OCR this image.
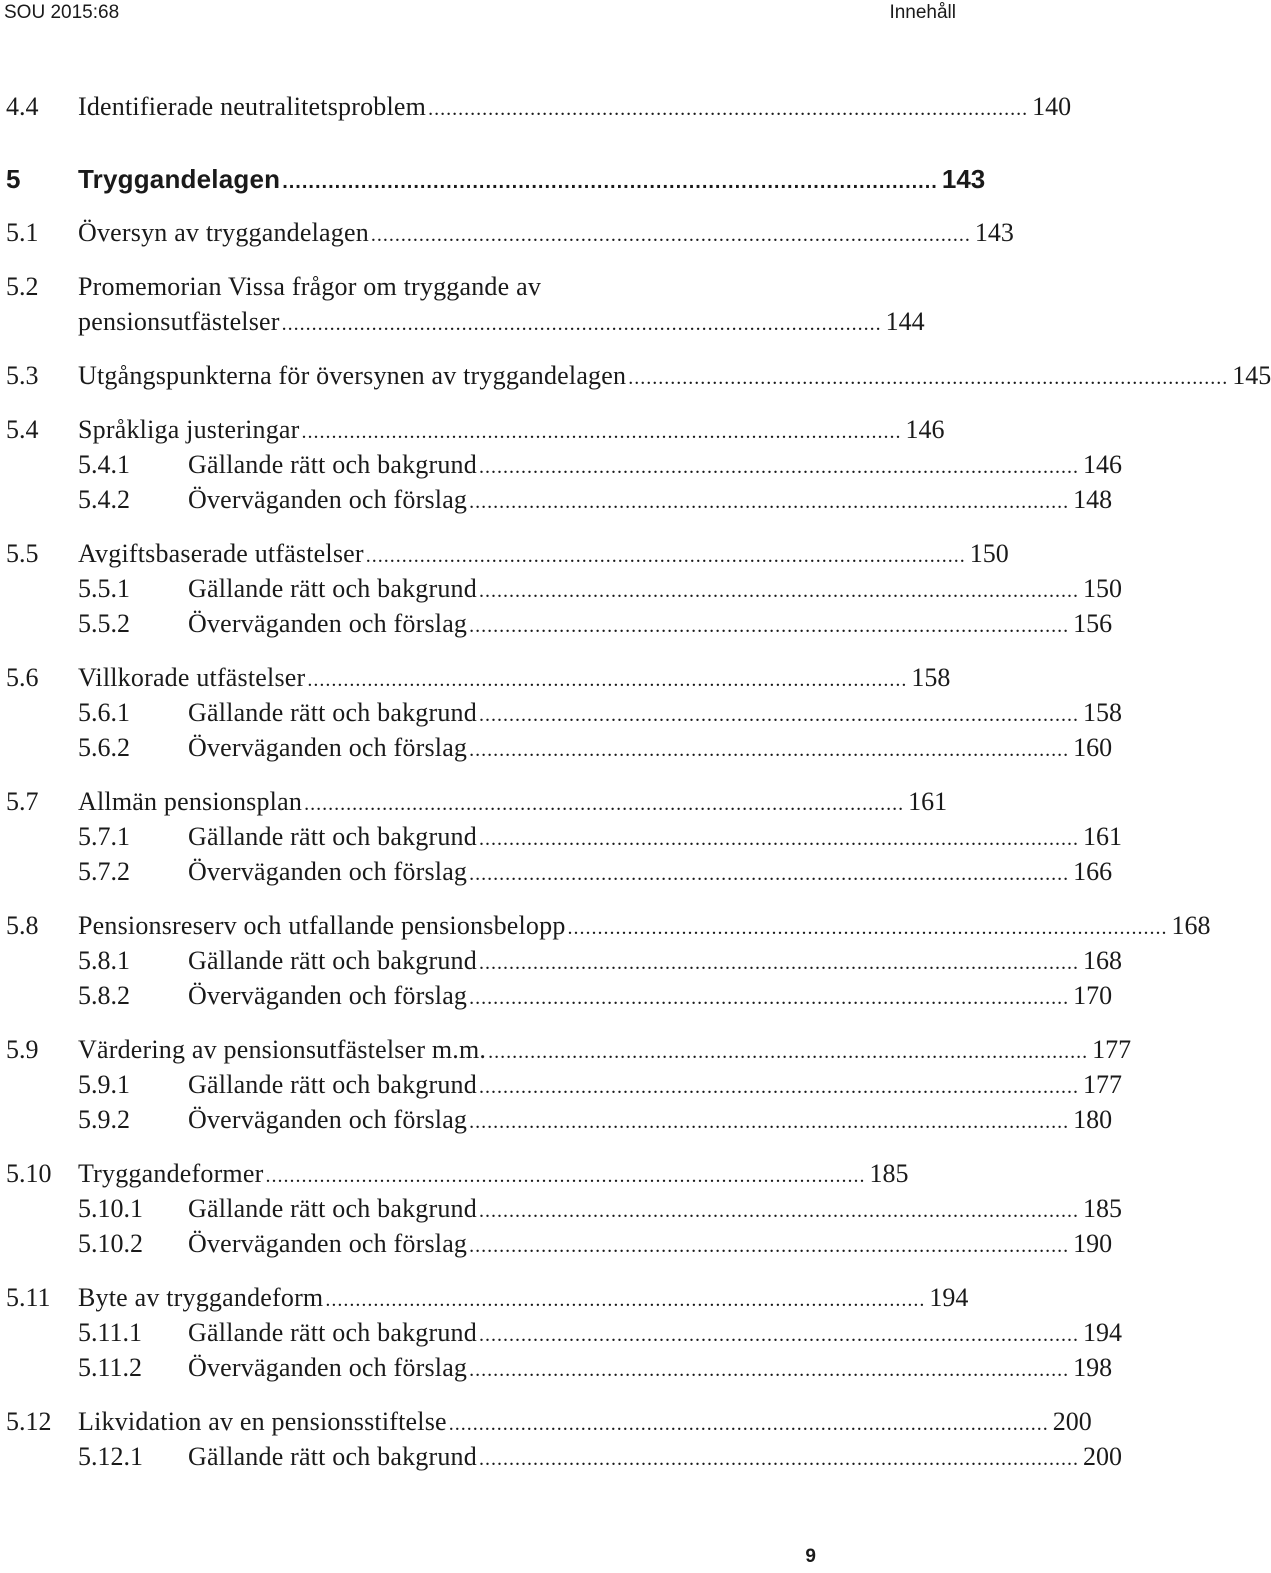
SOU 2015:68	Innehåll
4.4 Identifierade neutralitetsproblem .................................................................................................... 140
5 Tryggandelagen .................................................................................................... 143
5.1 Översyn av tryggandelagen .................................................................................................... 143
5.2 Promemorian Vissa frågor om tryggande av
pensionsutfästelser .................................................................................................... 144
5.3 Utgångspunkterna för översynen av tryggandelagen .................................................................................................... 145
5.4 Språkliga justeringar .................................................................................................... 146
5.4.1 Gällande rätt och bakgrund .................................................................................................... 146
5.4.2 Överväganden och förslag .................................................................................................... 148
5.5 Avgiftsbaserade utfästelser .................................................................................................... 150
5.5.1 Gällande rätt och bakgrund .................................................................................................... 150
5.5.2 Överväganden och förslag .................................................................................................... 156
5.6 Villkorade utfästelser .................................................................................................... 158
5.6.1 Gällande rätt och bakgrund .................................................................................................... 158
5.6.2 Överväganden och förslag .................................................................................................... 160
5.7 Allmän pensionsplan .................................................................................................... 161
5.7.1 Gällande rätt och bakgrund .................................................................................................... 161
5.7.2 Överväganden och förslag .................................................................................................... 166
5.8 Pensionsreserv och utfallande pensionsbelopp .................................................................................................... 168
5.8.1 Gällande rätt och bakgrund .................................................................................................... 168
5.8.2 Överväganden och förslag .................................................................................................... 170
5.9 Värdering av pensionsutfästelser m.m. .................................................................................................... 177
5.9.1 Gällande rätt och bakgrund .................................................................................................... 177
5.9.2 Överväganden och förslag .................................................................................................... 180
5.10 Tryggandeformer .................................................................................................... 185
5.10.1 Gällande rätt och bakgrund .................................................................................................... 185
5.10.2 Överväganden och förslag .................................................................................................... 190
5.11 Byte av tryggandeform .................................................................................................... 194
5.11.1 Gällande rätt och bakgrund .................................................................................................... 194
5.11.2 Överväganden och förslag .................................................................................................... 198
5.12 Likvidation av en pensionsstiftelse .................................................................................................... 200
5.12.1 Gällande rätt och bakgrund .................................................................................................... 200
9
